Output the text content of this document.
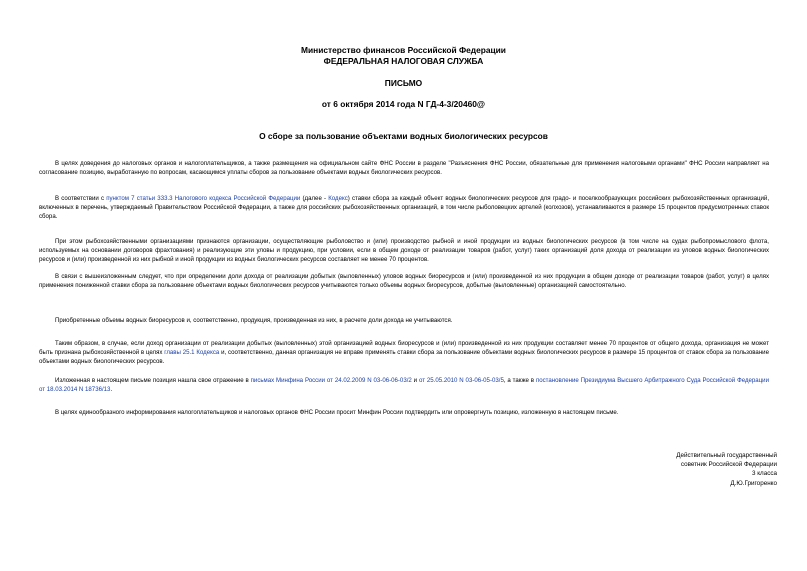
Министерство финансов Российской Федерации
ФЕДЕРАЛЬНАЯ НАЛОГОВАЯ СЛУЖБА
ПИСЬМО
от 6 октября 2014 года N ГД-4-3/20460@
О сборе за пользование объектами водных биологических ресурсов
В целях доведения до налоговых органов и налогоплательщиков, а также размещения на официальном сайте ФНС России в разделе "Разъяснения ФНС России, обязательные для применения налоговыми органами" ФНС России направляет на согласование позицию, выработанную по вопросам, касающимся уплаты сборов за пользование объектами водных биологических ресурсов.
В соответствии с пунктом 7 статьи 333.3 Налогового кодекса Российской Федерации (далее - Кодекс) ставки сбора за каждый объект водных биологических ресурсов для градо- и поселкообразующих российских рыбохозяйственных организаций, включенных в перечень, утверждаемый Правительством Российской Федерации, а также для российских рыбохозяйственных организаций, в том числе рыболовецких артелей (колхозов), устанавливаются в размере 15 процентов предусмотренных ставок сбора.
При этом рыбохозяйственными организациями признаются организации, осуществляющие рыболовство и (или) производство рыбной и иной продукции из водных биологических ресурсов (в том числе на судах рыбопромыслового флота, используемых на основании договоров фрахтования) и реализующие эти уловы и продукцию, при условии, если в общем доходе от реализации товаров (работ, услуг) таких организаций доля дохода от реализации из уловов водных биологических ресурсов и (или) произведенной из них рыбной и иной продукции из водных биологических ресурсов составляет не менее 70 процентов.
В связи с вышеизложенным следует, что при определении доли дохода от реализации добытых (выловленных) уловов водных биоресурсов и (или) произведенной из них продукции в общем доходе от реализации товаров (работ, услуг) в целях применения пониженной ставки сбора за пользование объектами водных биологических ресурсов учитываются только объемы водных биоресурсов, добытые (выловленные) организацией самостоятельно.
Приобретенные объемы водных биоресурсов и, соответственно, продукция, произведенная из них, в расчете доли дохода не учитываются.
Таким образом, в случае, если доход организации от реализации добытых (выловленных) этой организацией водных биоресурсов и (или) произведенной из них продукции составляет менее 70 процентов от общего дохода, организация не может быть признана рыбохозяйственной в целях главы 25.1 Кодекса и, соответственно, данная организация не вправе применять ставки сбора за пользование объектами водных биологических ресурсов в размере 15 процентов от ставок сбора за пользование объектами водных биологических ресурсов.
Изложенная в настоящем письме позиция нашла свое отражение в письмах Минфина России от 24.02.2009 N 03-06-06-03/2 и от 25.05.2010 N 03-06-05-03/5, а также в постановление Президиума Высшего Арбитражного Суда Российской Федерации от 18.03.2014 N 18736/13.
В целях единообразного информирования налогоплательщиков и налоговых органов ФНС России просит Минфин России подтвердить или опровергнуть позицию, изложенную в настоящем письме.
Действительный государственный
советник Российской Федерации
3 класса
Д.Ю.Григоренко
